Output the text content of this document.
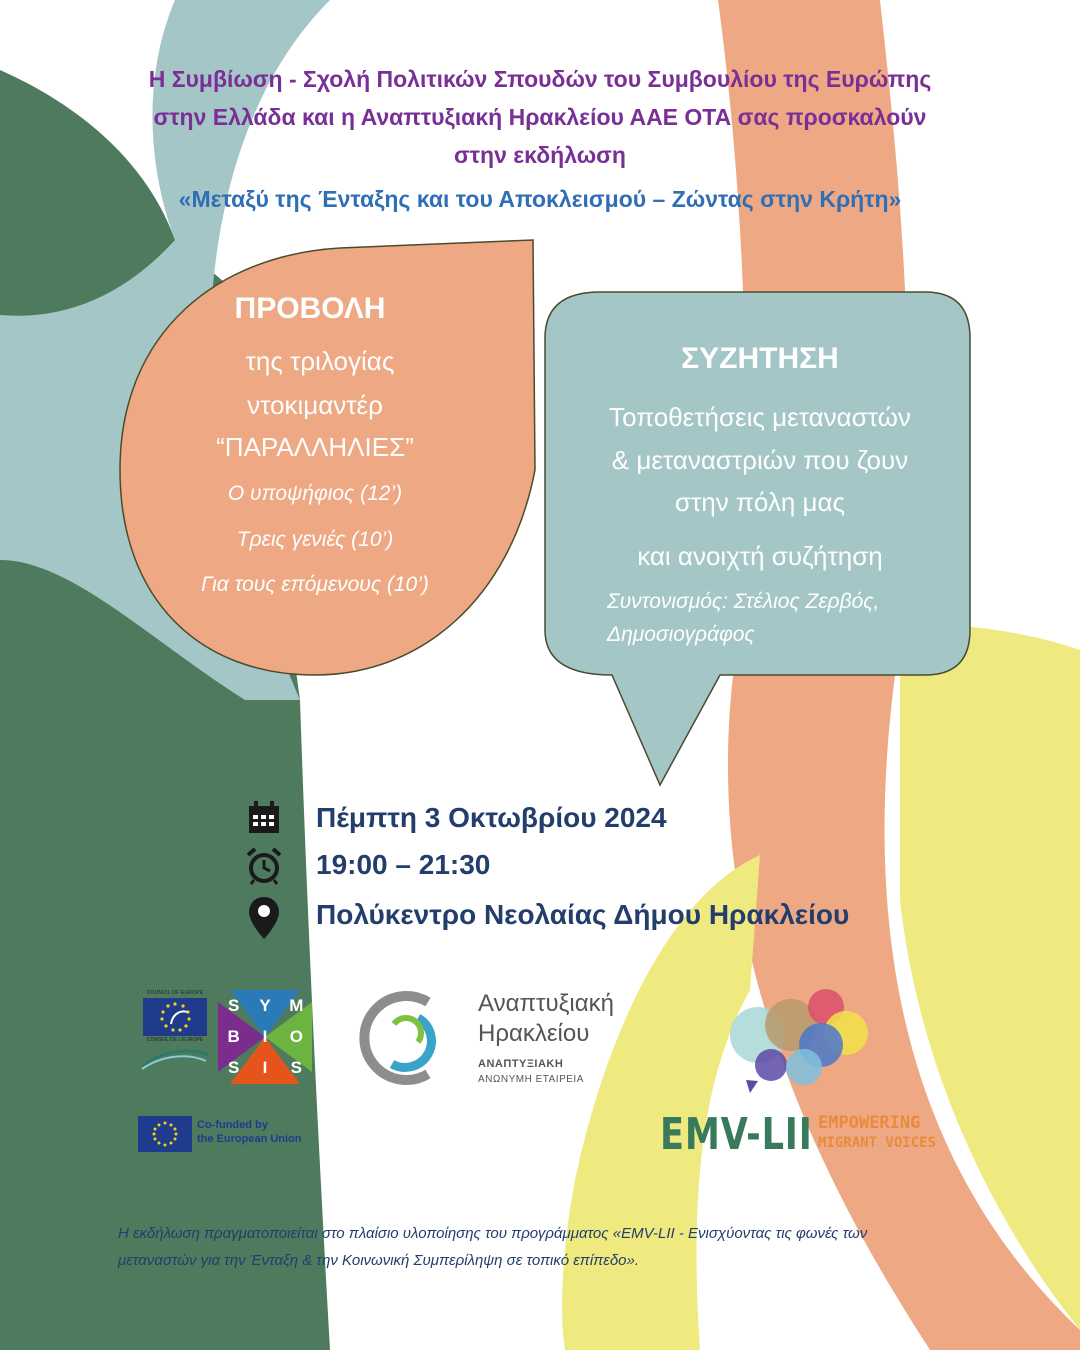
Η Συμβίωση - Σχολή Πολιτικών Σπουδών του Συμβουλίου της Ευρώπης
στην Ελλάδα και η Αναπτυξιακή Ηρακλείου ΑΑΕ ΟΤΑ σας προσκαλούν
στην εκδήλωση
«Μεταξύ της Ένταξης και του Αποκλεισμού – Ζώντας στην Κρήτη»
ΠΡΟΒΟΛΗ
της τριλογίας
ντοκιμαντέρ
“ΠΑΡΑΛΛΗΛΙΕΣ”
Ο υποψήφιος (12’)
Τρεις γενιές (10’)
Για τους επόμενους (10’)
ΣΥΖΗΤΗΣΗ
Τοποθετήσεις μεταναστών
& μεταναστριών που ζουν
στην πόλη μας
και ανοιχτή συζήτηση
Συντονισμός: Στέλιος Ζερβός,
Δημοσιογράφος
Πέμπτη 3 Οκτωβρίου 2024
19:00 – 21:30
Πολύκεντρο Νεολαίας Δήμου Ηρακλείου
COUNCIL OF EUROPE
CONSEIL DE L'EUROPE
S	Y	M
B	I	O
S	I	S
Co-funded by
the European Union
Αναπτυξιακή
Ηρακλείου
ΑΝΑΠΤΥΞΙΑΚΗ
ΑΝΩΝΥΜΗ ΕΤΑΙΡΕΙΑ
EMV-LII EMPOWERING
MIGRANT VOICES
Η εκδήλωση πραγματοποιείται στο πλαίσιο υλοποίησης του προγράμματος «EMV-LII - Ενισχύοντας τις φωνές των
μεταναστών για την Ένταξη & την Κοινωνική Συμπερίληψη σε τοπικό επίπεδο».
